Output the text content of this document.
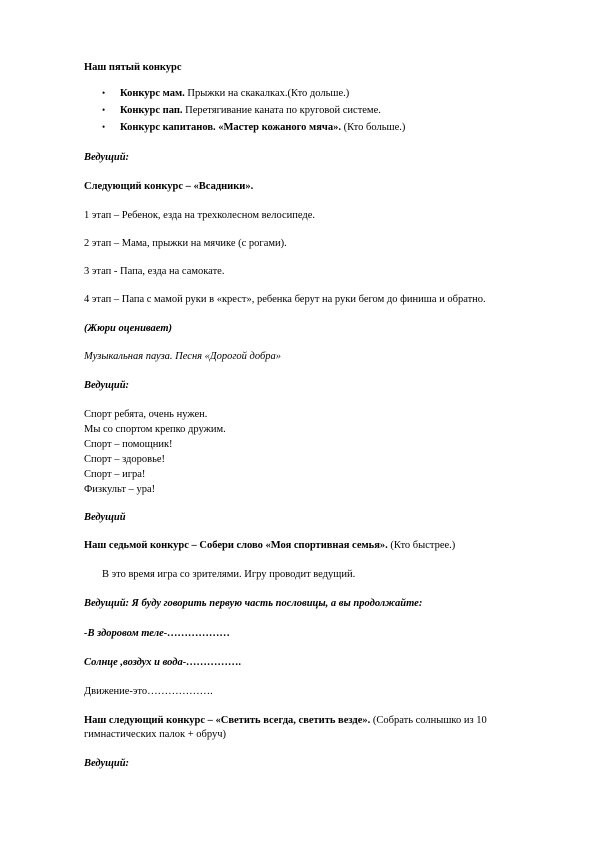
Наш пятый конкурс
• Конкурс мам. Прыжки на скакалках.(Кто дольше.)
• Конкурс пап. Перетягивание каната по круговой системе.
• Конкурс капитанов. «Мастер кожаного мяча». (Кто больше.)
Ведущий:
Следующий конкурс – «Всадники».
1 этап – Ребенок, езда на трехколесном велосипеде.
2 этап – Мама, прыжки на мячике (с рогами).
3 этап - Папа, езда на самокате.
4 этап – Папа с мамой руки в «крест», ребенка берут на руки бегом до финиша и обратно.
(Жюри оценивает)
Музыкальная пауза. Песня «Дорогой добра»
Ведущий:
Спорт ребята, очень нужен.
Мы со спортом крепко дружим.
Спорт – помощник!
Спорт – здоровье!
Спорт – игра!
Физкульт – ура!
Ведущий
Наш седьмой конкурс – Собери слово «Моя спортивная семья». (Кто быстрее.)
В это время игра со зрителями. Игру проводит ведущий.
Ведущий: Я буду говорить первую часть пословицы, а вы продолжайте:
-В здоровом теле-………………
Солнце ,воздух и вода-…………….
Движение-это……………….
Наш следующий конкурс – «Светить всегда, светить везде». (Собрать солнышко из 10
гимнастических палок + обруч)
Ведущий:
